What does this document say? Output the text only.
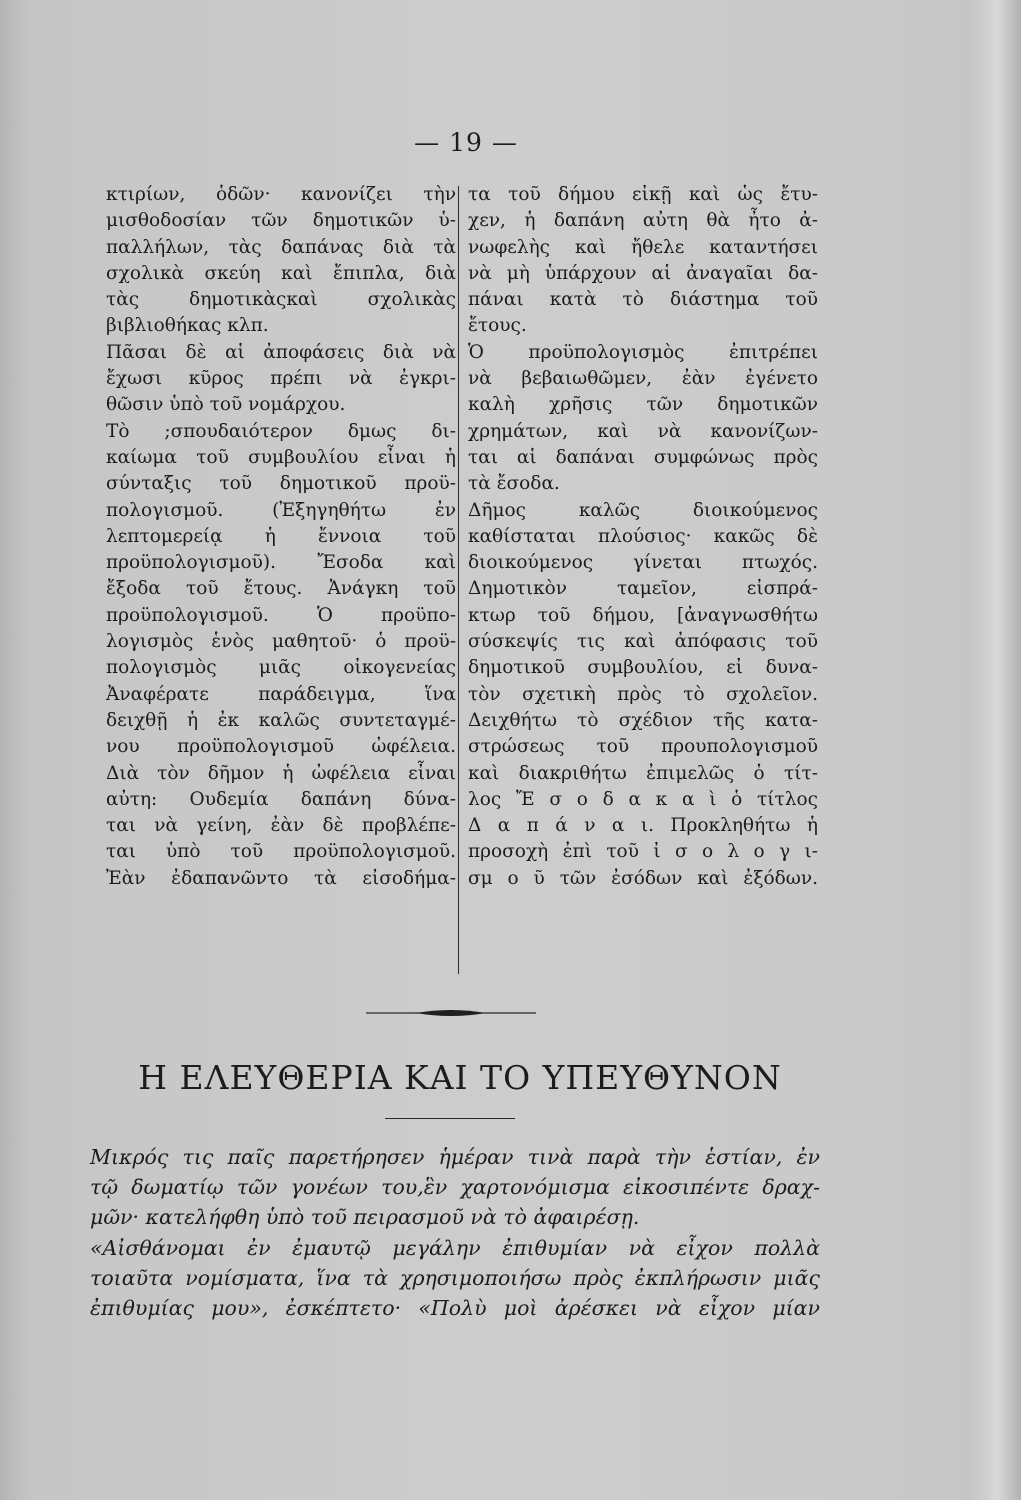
— 19 —
κτιρίων, ὁδῶν· κανονίζει τὴν
μισθοδοσίαν τῶν δημοτικῶν ὑ-
παλλήλων, τὰς δαπάνας διὰ τὰ
σχολικὰ σκεύη καὶ ἔπιπλα, διὰ
τὰς δημοτικὰςκαὶ σχολικὰς
βιβλιοθήκας κλπ.
Πᾶσαι δὲ αἱ ἀποφάσεις διὰ νὰ
ἔχωσι κῦρος πρέπι νὰ ἐγκρι-
θῶσιν ὑπὸ τοῦ νομάρχου.
Τὸ ;σπουδαιότερον δμως δι-
καίωμα τοῦ συμβουλίου εἶναι ἡ
σύνταξις τοῦ δημοτικοῦ προϋ-
πολογισμοῦ. (Ἐξηγηθήτω ἐν
λεπτομερείᾳ ἡ ἔννοια τοῦ
προϋπολογισμοῦ). Ἔσοδα καὶ
ἔξοδα τοῦ ἔτους. Ἀνάγκη τοῦ
προϋπολογισμοῦ. Ὁ προϋπο-
λογισμὸς ἑνὸς μαθητοῦ· ὁ προϋ-
πολογισμὸς μιᾶς οἰκογενείας
Ἀναφέρατε παράδειγμα, ἵνα
δειχθῇ ἡ ἐκ καλῶς συντεταγμέ-
νου προϋπολογισμοῦ ὠφέλεια.
Διὰ τὸν δῆμον ἡ ὠφέλεια εἶναι
αὐτη: Ουδεμία δαπάνη δύνα-
ται νὰ γείνη, ἐὰν δὲ προβλέπε-
ται ὑπὸ τοῦ προϋπολογισμοῦ.
Ἐὰν ἐδαπανῶντο τὰ εἰσοδήμα-
τα τοῦ δήμου εἰκῇ καὶ ὡς ἔτυ-
χεν, ἡ δαπάνη αὐτη θὰ ἦτο ἀ-
νωφελὴς καὶ ἤθελε καταντήσει
νὰ μὴ ὑπάρχουν αἱ ἀναγαῖαι δα-
πάναι κατὰ τὸ διάστημα τοῦ
ἔτους.
Ὁ προϋπολογισμὸς ἐπιτρέπει
νὰ βεβαιωθῶμεν, ἐὰν ἐγένετο
καλὴ χρῆσις τῶν δημοτικῶν
χρημάτων, καὶ νὰ κανονίζων-
ται αἱ δαπάναι συμφώνως πρὸς
τὰ ἔσοδα.
Δῆμος καλῶς διοικούμενος
καθίσταται πλούσιος· κακῶς δὲ
διοικούμενος γίνεται πτωχός.
Δημοτικὸν ταμεῖον, εἰσπρά-
κτωρ τοῦ δήμου, [ἀναγνωσθήτω
σύσκεψίς τις καὶ ἀπόφασις τοῦ
δημοτικοῦ συμβουλίου, εἰ δυνα-
τὸν σχετικὴ πρὸς τὸ σχολεῖον.
Δειχθήτω τὸ σχέδιον τῆς κατα-
στρώσεως τοῦ προυπολογισμοῦ
καὶ διακριθήτω ἐπιμελῶς ὁ τίτ-
λος Ἔ σ ο δ α κ α ὶ ὁ τίτλος
Δ α π ά ν α ι. Προκληθήτω ἡ
προσοχὴ ἐπὶ τοῦ ἰ σ ο λ ο γ ι-
σμ ο ῦ τῶν ἐσόδων καὶ ἐξόδων.
Η ΕΛΕΥΘΕΡΙΑ ΚΑΙ ΤΟ ΥΠΕΥΘΥΝΟΝ
Μικρός τις παῖς παρετήρησεν ἡμέραν τινὰ παρὰ τὴν ἑστίαν, ἐν
τῷ δωματίῳ τῶν γονέων του,ἓν χαρτονόμισμα εἰκοσιπέντε δραχ-
μῶν· κατελήφθη ὑπὸ τοῦ πειρασμοῦ νὰ τὸ ἀφαιρέσῃ.
«Αἰσθάνομαι ἐν ἐμαυτῷ μεγάλην ἐπιθυμίαν νὰ εἶχον πολλὰ
τοιαῦτα νομίσματα, ἵνα τὰ χρησιμοποιήσω πρὸς ἐκπλήρωσιν μιᾶς
ἐπιθυμίας μου», ἐσκέπτετο· «Πολὺ μοὶ ἀρέσκει νὰ εἶχον μίαν
